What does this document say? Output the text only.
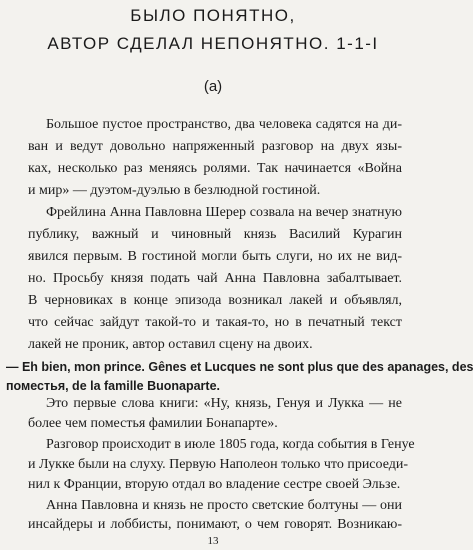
БЫЛО ПОНЯТНО,
АВТОР СДЕЛАЛ НЕПОНЯТНО. 1-1-I
(a)
Большое пустое пространство, два человека садятся на ди-
ван и ведут довольно напряженный разговор на двух язы-
ках, несколько раз меняясь ролями. Так начинается «Война
и мир» — дуэтом-дуэлью в безлюдной гостиной.
Фрейлина Анна Павловна Шерер созвала на вечер знатную
публику, важный и чиновный князь Василий Курагин
явился первым. В гостиной могли быть слуги, но их не вид-
но. Просьбу князя подать чай Анна Павловна забалтывает.
В черновиках в конце эпизода возникал лакей и объявлял,
что сейчас зайдут такой-то и такая-то, но в печатный текст
лакей не проник, автор оставил сцену на двоих.
— Eh bien, mon prince. Gênes et Lucques ne sont plus que des apanages, des
поместья, de la famille Buonaparte.
Это первые слова книги: «Ну, князь, Генуя и Лукка — не
более чем поместья фамилии Бонапарте».
Разговор происходит в июле 1805 года, когда события в Генуе
и Лукке были на слуху. Первую Наполеон только что присоеди-
нил к Франции, вторую отдал во владение сестре своей Эльзе.
Анна Павловна и князь не просто светские болтуны — они
13
инсайдеры и лоббисты, понимают, о чем говорят. Возникаю-
